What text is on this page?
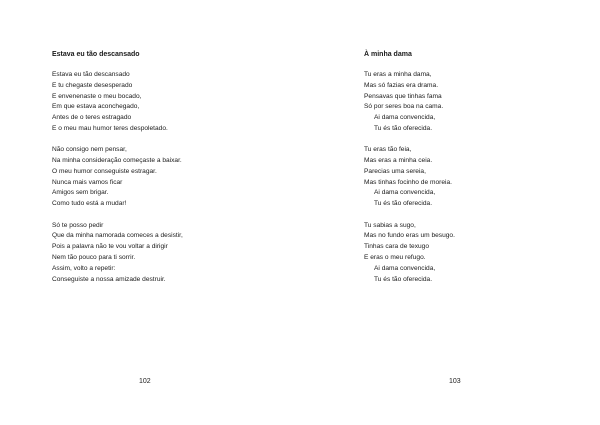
Estava eu tão descansado
Estava eu tão descansado
E tu chegaste desesperado
E envenenaste o meu bocado,
Em que estava aconchegado,
Antes de o teres estragado
E o meu mau humor teres despoletado.
Não consigo nem pensar,
Na minha consideração começaste a baixar.
O meu humor conseguiste estragar.
Nunca mais vamos ficar
Amigos sem brigar.
Como tudo está a mudar!
Só te posso pedir
Que da minha namorada comeces a desistir,
Pois a palavra não te vou voltar a dirigir
Nem tão pouco para ti sorrir.
Assim, volto a repetir:
Conseguiste a nossa amizade destruir.
102
À minha dama
Tu eras a minha dama,
Mas só fazias era drama.
Pensavas que tinhas fama
Só por seres boa na cama.
Ai dama convencida,
Tu és tão oferecida.
Tu eras tão feia,
Mas eras a minha ceia.
Parecias uma sereia,
Mas tinhas focinho de moreia.
Ai dama convencida,
Tu és tão oferecida.
Tu sabias a sugo,
Mas no fundo eras um besugo.
Tinhas cara de texugo
E eras o meu refugo.
Ai dama convencida,
Tu és tão oferecida.
103
